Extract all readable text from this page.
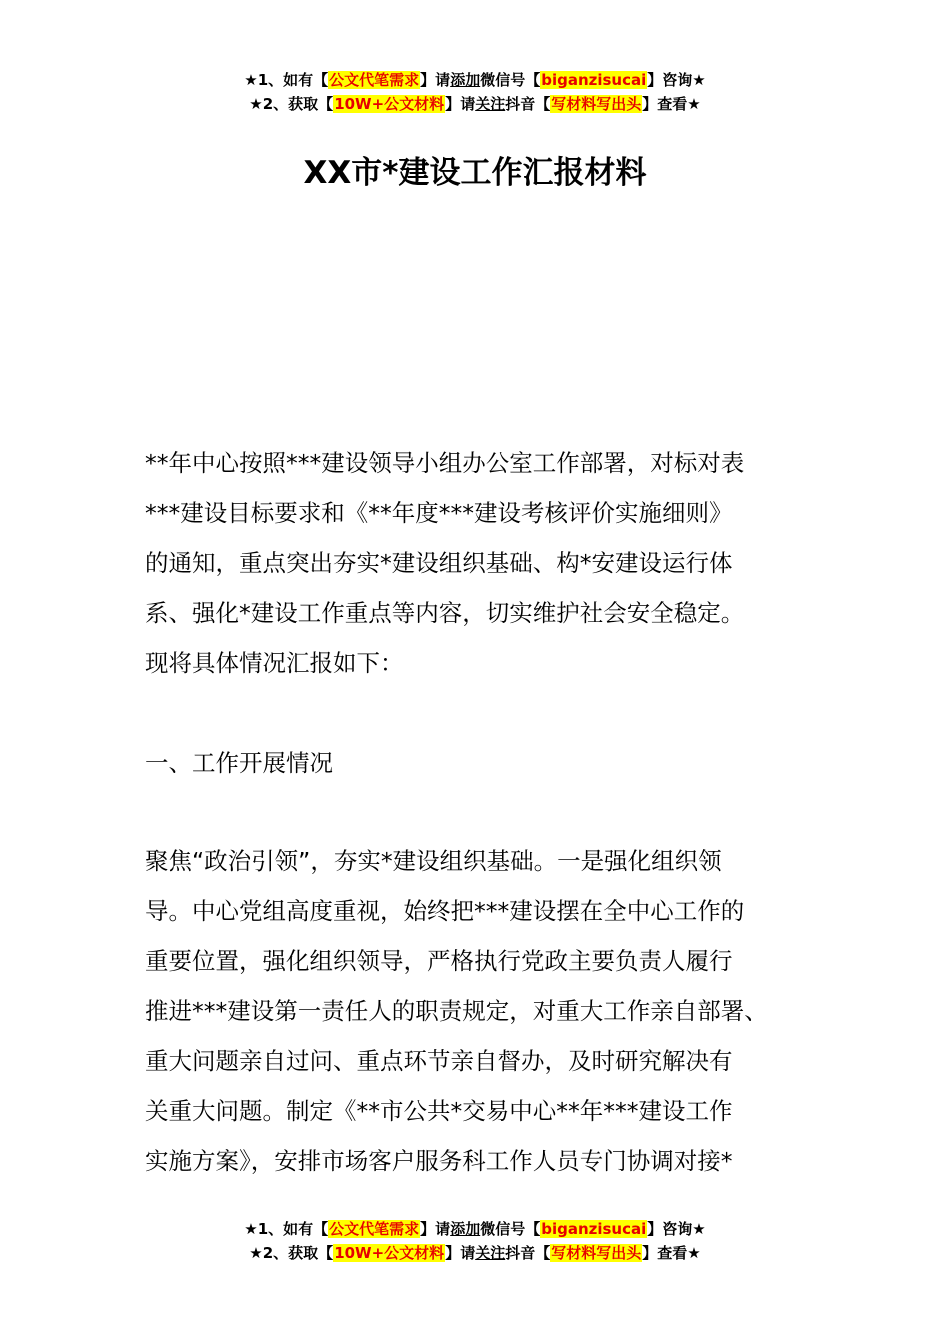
★1、如有【公文代笔需求】请添加微信号【biganzisucai】咨询★
★2、获取【10W+公文材料】请关注抖音【写材料写出头】查看★
XX市*建设工作汇报材料
**年中心按照***建设领导小组办公室工作部署，对标对表
***建设目标要求和《**年度***建设考核评价实施细则》
的通知，重点突出夯实*建设组织基础、构*安建设运行体
系、强化*建设工作重点等内容，切实维护社会安全稳定。
现将具体情况汇报如下：
一、工作开展情况
聚焦“政治引领”，夯实*建设组织基础。一是强化组织领
导。中心党组高度重视，始终把***建设摆在全中心工作的
重要位置，强化组织领导，严格执行党政主要负责人履行
推进***建设第一责任人的职责规定，对重大工作亲自部署、
重大问题亲自过问、重点环节亲自督办，及时研究解决有
关重大问题。制定《**市公共*交易中心**年***建设工作
实施方案》，安排市场客户服务科工作人员专门协调对接*
★1、如有【公文代笔需求】请添加微信号【biganzisucai】咨询★
★2、获取【10W+公文材料】请关注抖音【写材料写出头】查看★
